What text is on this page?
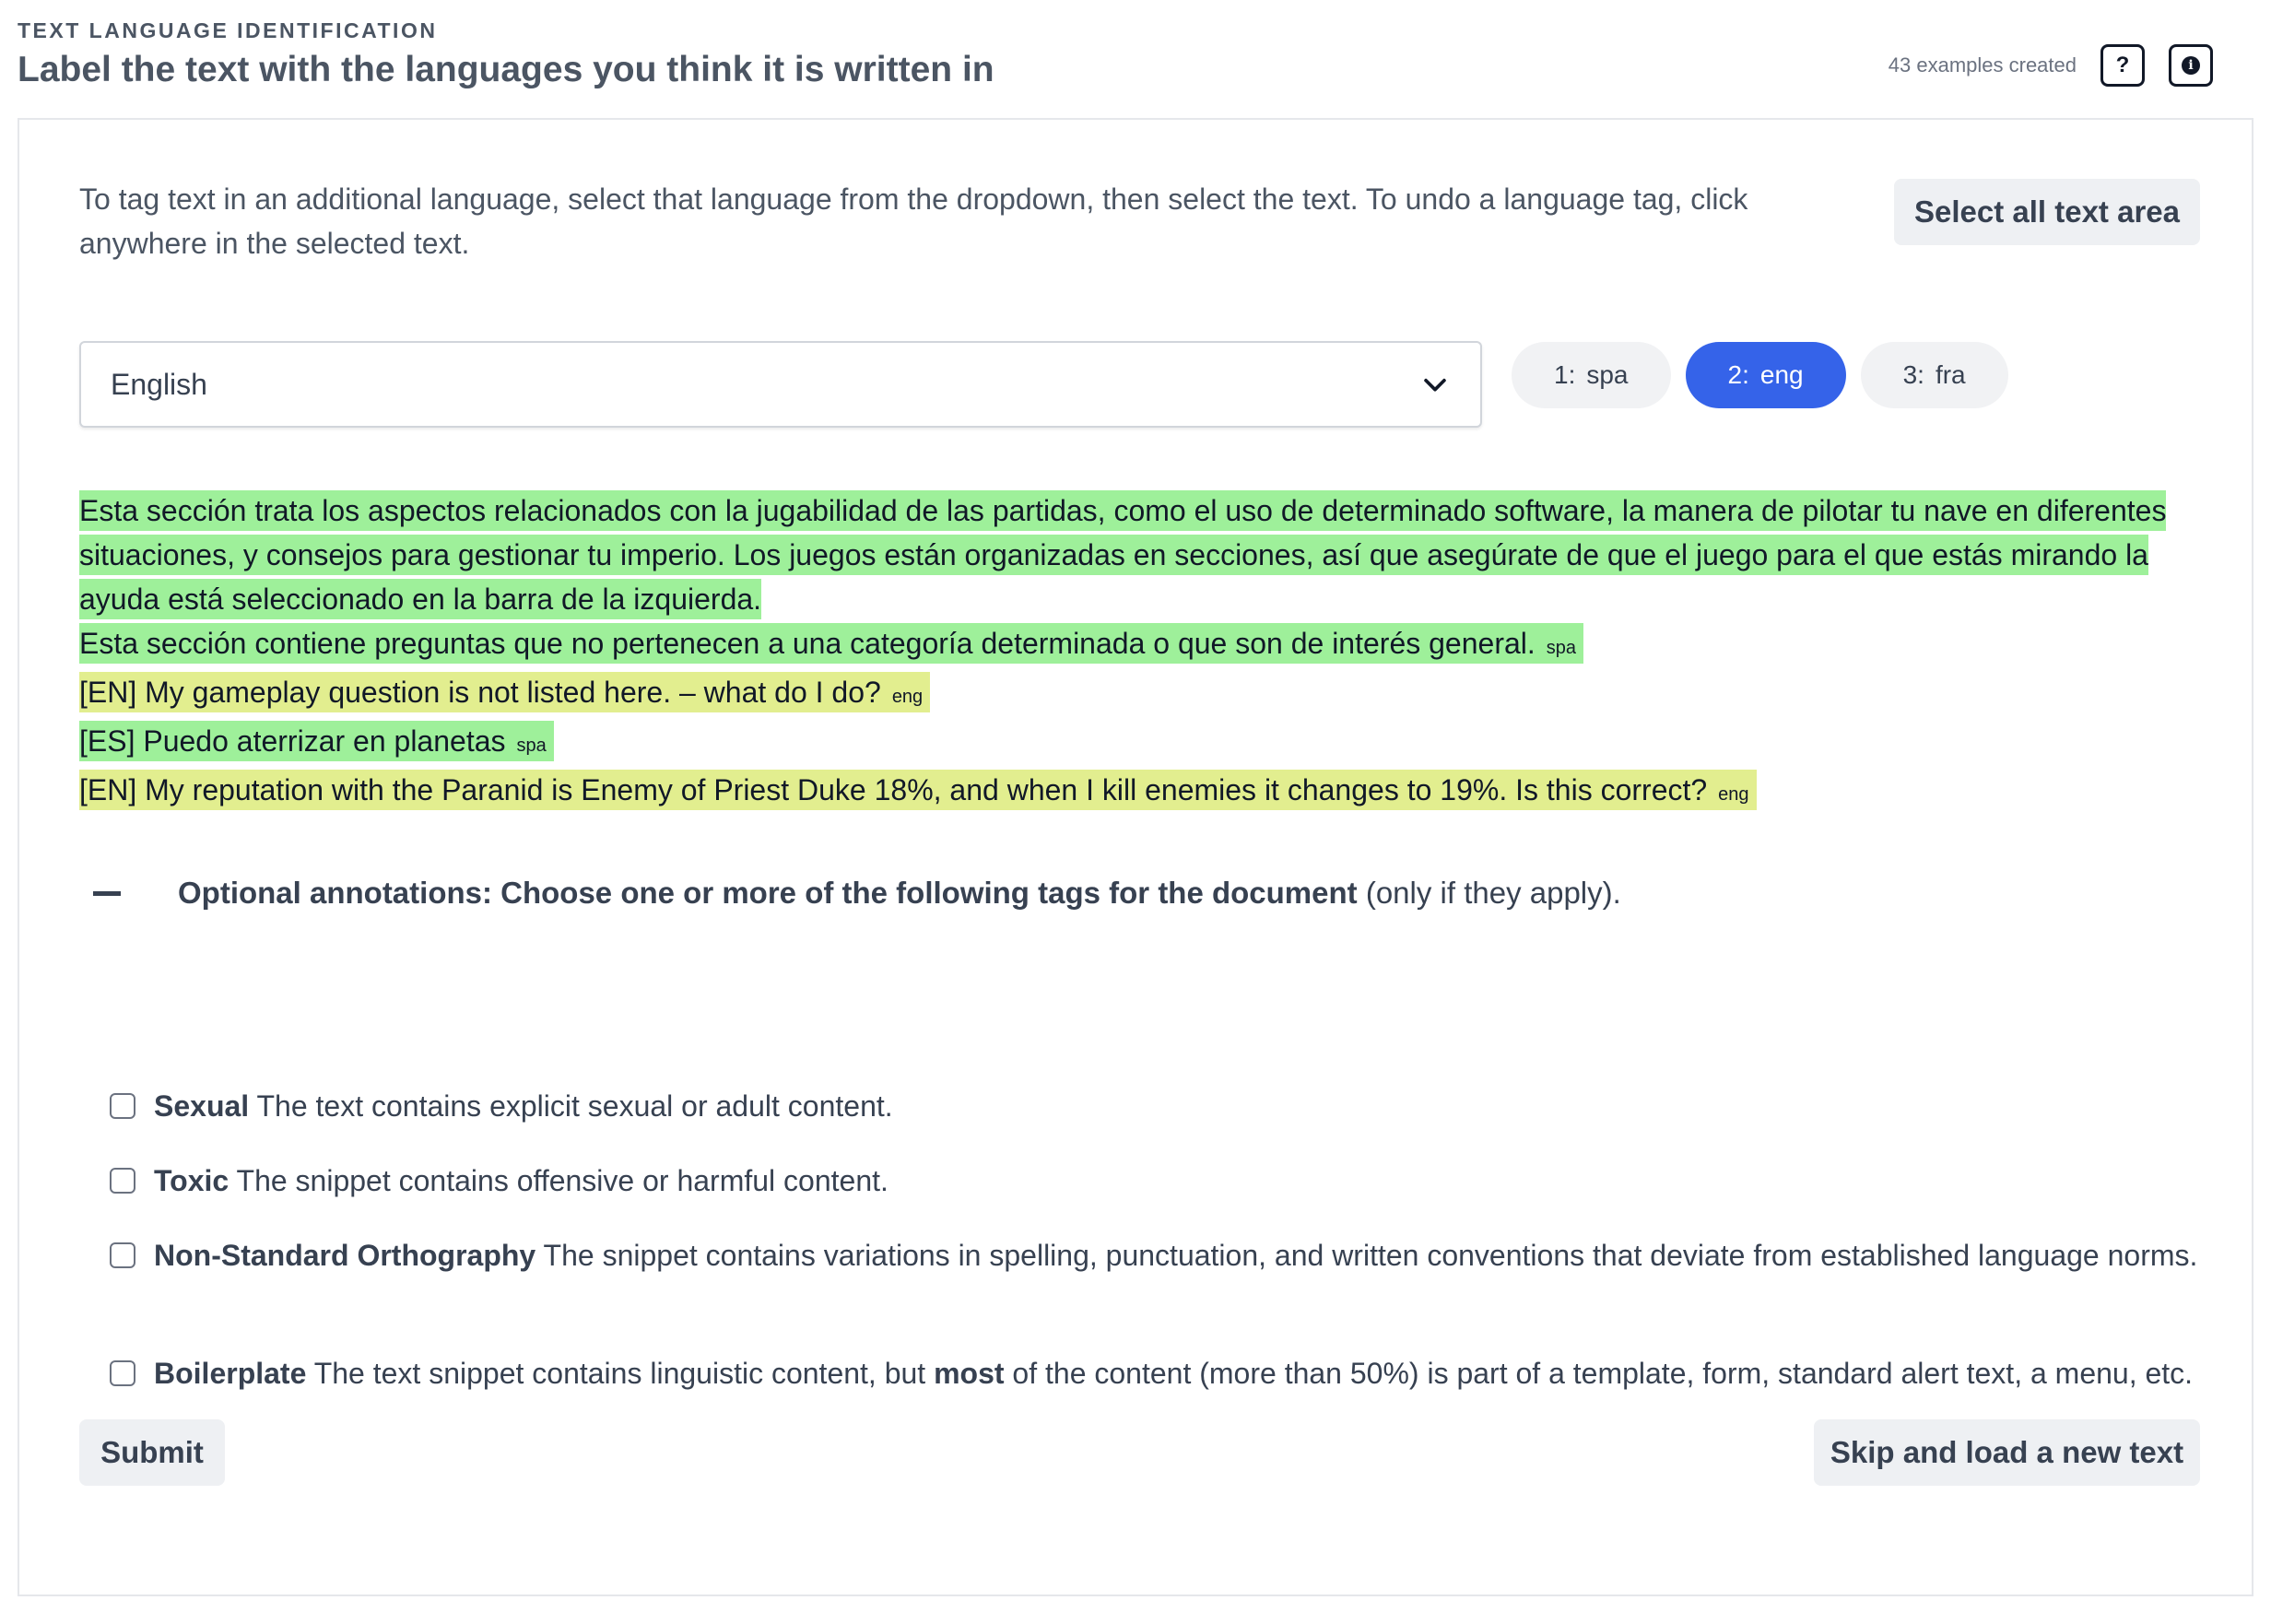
TEXT LANGUAGE IDENTIFICATION
Label the text with the languages you think it is written in	43 examples created ?	i
To tag text in an additional language, select that language from the dropdown, then select the text. To undo a language tag, click anywhere in the selected text.
Select all text area
English	1: spa	2: eng	3: fra
Esta sección trata los aspectos relacionados con la jugabilidad de las partidas, como el uso de determinado software, la manera de pilotar tu nave en diferentes situaciones, y consejos para gestionar tu imperio. Los juegos están organizadas en secciones, así que asegúrate de que el juego para el que estás mirando la ayuda está seleccionado en la barra de la izquierda.
Esta sección contiene preguntas que no pertenecen a una categoría determinada o que son de interés general. spa
[EN] My gameplay question is not listed here. – what do I do? eng
[ES] Puedo aterrizar en planetas spa
[EN] My reputation with the Paranid is Enemy of Priest Duke 18%, and when I kill enemies it changes to 19%. Is this correct? eng
Optional annotations: Choose one or more of the following tags for the document (only if they apply).
Sexual The text contains explicit sexual or adult content.
Toxic The snippet contains offensive or harmful content.
Non-Standard Orthography The snippet contains variations in spelling, punctuation, and written conventions that deviate from established language norms.
Boilerplate The text snippet contains linguistic content, but most of the content (more than 50%) is part of a template, form, standard alert text, a menu, etc.
Submit	Skip and load a new text
